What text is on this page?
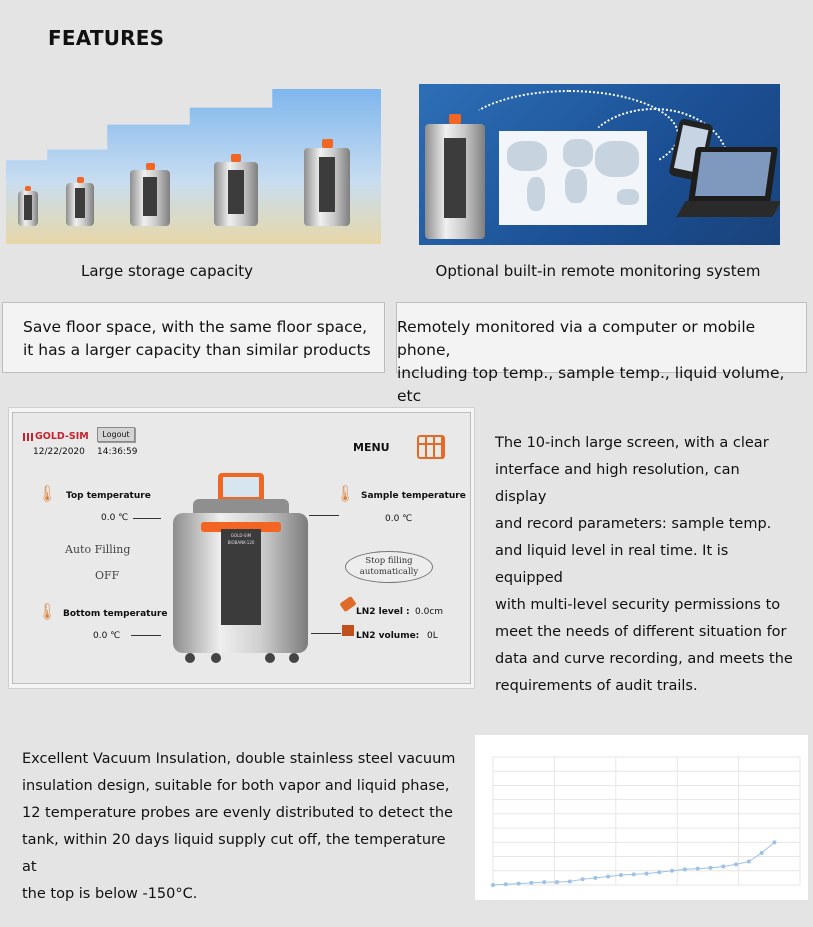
FEATURES
Large storage capacity	Optional built-in remote monitoring system
Save floor space, with the same floor space,
it has a larger capacity than similar products
Remotely monitored via a computer or mobile phone,
including top temp., sample temp., liquid volume, etc
GOLD-SIM	Logout
12/22/2020 14:36:59	MENU
🌡 Top temperature
0.0 ℃
Auto Filling
OFF
🌡 Bottom temperature
0.0 ℃
GOLD-SIM
BIOBANK-120
🌡 Sample temperature
0.0 ℃
Stop filling
automatically
LN2 level : 0.0cm
LN2 volume: 0L
The 10-inch large screen, with a clear
interface and high resolution, can display
and record parameters: sample temp.
and liquid level in real time. It is equipped
with multi-level security permissions to
meet the needs of different situation for
data and curve recording, and meets the
requirements of audit trails.
Excellent Vacuum Insulation, double stainless steel vacuum
insulation design, suitable for both vapor and liquid phase,
12 temperature probes are evenly distributed to detect the
tank, within 20 days liquid supply cut off, the temperature at
the top is below -150°C.
